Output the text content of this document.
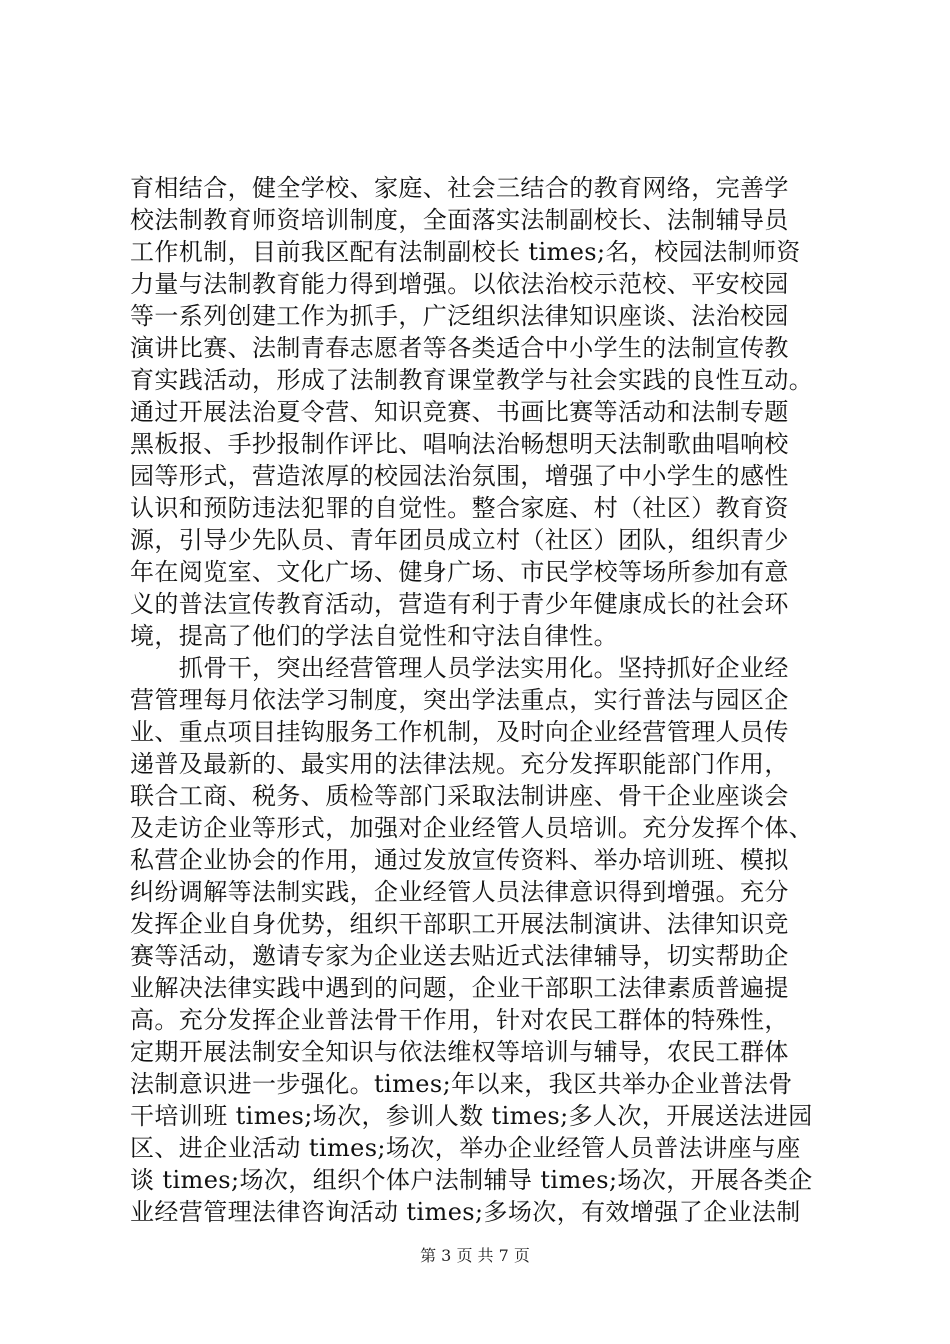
育相结合，健全学校、家庭、社会三结合的教育网络，完善学
校法制教育师资培训制度，全面落实法制副校长、法制辅导员
工作机制，目前我区配有法制副校长 times;名，校园法制师资
力量与法制教育能力得到增强。以依法治校示范校、平安校园
等一系列创建工作为抓手，广泛组织法律知识座谈、法治校园
演讲比赛、法制青春志愿者等各类适合中小学生的法制宣传教
育实践活动，形成了法制教育课堂教学与社会实践的良性互动。
通过开展法治夏令营、知识竞赛、书画比赛等活动和法制专题
黑板报、手抄报制作评比、唱响法治畅想明天法制歌曲唱响校
园等形式，营造浓厚的校园法治氛围，增强了中小学生的感性
认识和预防违法犯罪的自觉性。整合家庭、村（社区）教育资
源，引导少先队员、青年团员成立村（社区）团队，组织青少
年在阅览室、文化广场、健身广场、市民学校等场所参加有意
义的普法宣传教育活动，营造有利于青少年健康成长的社会环
境，提高了他们的学法自觉性和守法自律性。
　　抓骨干，突出经营管理人员学法实用化。坚持抓好企业经
营管理每月依法学习制度，突出学法重点，实行普法与园区企
业、重点项目挂钩服务工作机制，及时向企业经营管理人员传
递普及最新的、最实用的法律法规。充分发挥职能部门作用，
联合工商、税务、质检等部门采取法制讲座、骨干企业座谈会
及走访企业等形式，加强对企业经管人员培训。充分发挥个体、
私营企业协会的作用，通过发放宣传资料、举办培训班、模拟
纠纷调解等法制实践，企业经管人员法律意识得到增强。充分
发挥企业自身优势，组织干部职工开展法制演讲、法律知识竞
赛等活动，邀请专家为企业送去贴近式法律辅导，切实帮助企
业解决法律实践中遇到的问题，企业干部职工法律素质普遍提
高。充分发挥企业普法骨干作用，针对农民工群体的特殊性，
定期开展法制安全知识与依法维权等培训与辅导，农民工群体
法制意识进一步强化。times;年以来，我区共举办企业普法骨
干培训班 times;场次，参训人数 times;多人次，开展送法进园
区、进企业活动 times;场次，举办企业经管人员普法讲座与座
谈 times;场次，组织个体户法制辅导 times;场次，开展各类企
业经营管理法律咨询活动 times;多场次，有效增强了企业法制
第 3 页 共 7 页
